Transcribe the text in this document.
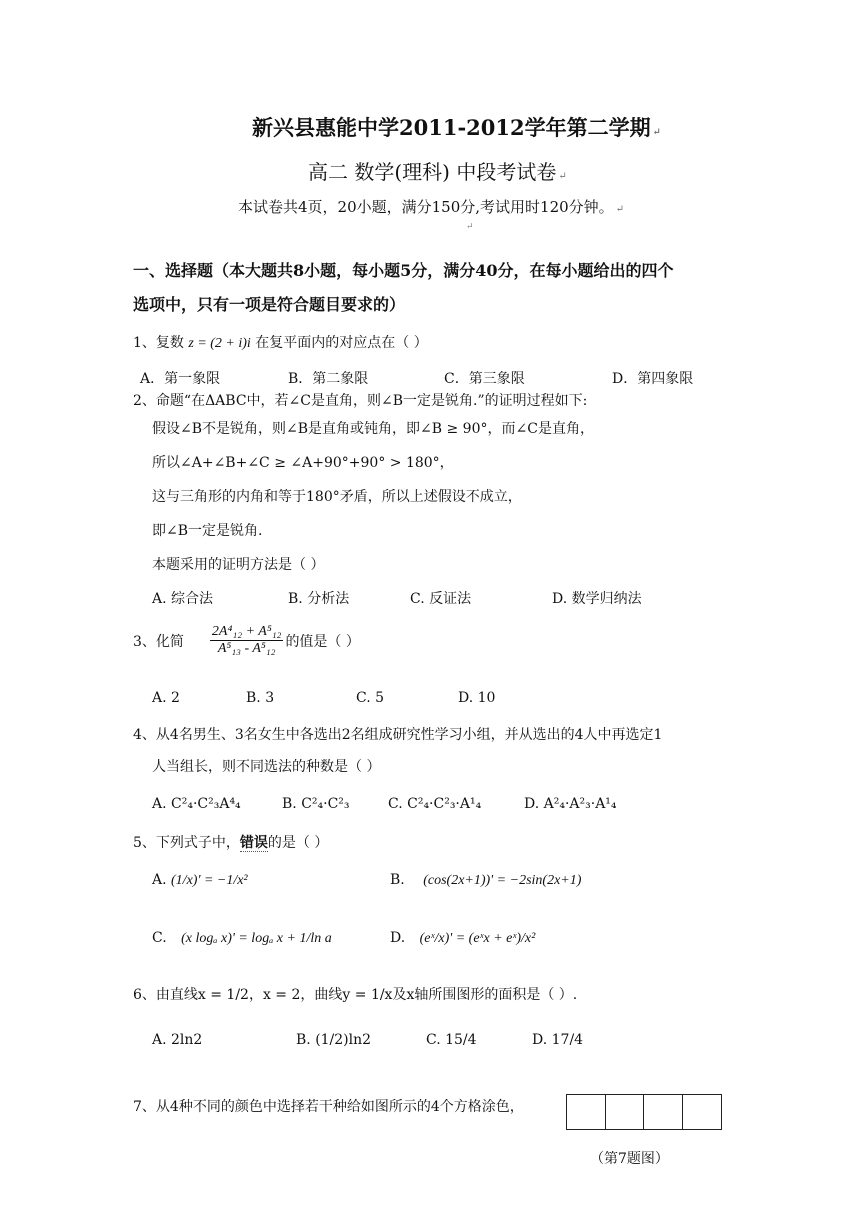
新兴县惠能中学2011-2012学年第二学期 ↵
高二 数学(理科) 中段考试卷 ↵
本试卷共4页，20小题，满分150分,考试用时120分钟。 ↵
↵
一、选择题（本大题共8小题，每小题5分，满分40分，在每小题给出的四个
选项中，只有一项是符合题目要求的）
1、复数 z = (2 + i)i 在复平面内的对应点在（ ）
A．第一象限	B．第二象限	C．第三象限	D．第四象限
2、命题“在ΔABC中，若∠C是直角，则∠B一定是锐角.”的证明过程如下:
假设∠B不是锐角，则∠B是直角或钝角，即∠B ≥ 90°，而∠C是直角，
所以∠A+∠B+∠C ≥ ∠A+90°+90° > 180°，
这与三角形的内角和等于180°矛盾，所以上述假设不成立，
即∠B一定是锐角.
本题采用的证明方法是（ ）
A. 综合法	B. 分析法	C. 反证法	D. 数学归纳法
3、化简 $\frac{\text{2A⁴₁₂ + A⁵₁₂}}{\text{A⁵₁₃ - A⁵₁₂}}$ 的值是（ ）
A. 2	B. 3	C. 5	D. 10
4、从4名男生、3名女生中各选出2名组成研究性学习小组，并从选出的4人中再选定1
人当组长，则不同选法的种数是（ ）
A. C²₄·C²₃A⁴₄	B. C²₄·C²₃	C. C²₄·C²₃·A¹₄	D. A²₄·A²₃·A¹₄
5、下列式子中，错误的是（ ）
A. (1/x)' = −1/x²	B. (cos(2x+1))' = −2sin(2x+1)
C. (x logₐ x)' = logₐ x + 1/ln a	D. (eˣ/x)' = (eˣx + eˣ)/x²
6、由直线x = 1/2，x = 2，曲线y = 1/x及x轴所围图形的面积是（ ）.
A. 2ln2	B. (1/2)ln2	C. 15/4	D. 17/4
7、从4种不同的颜色中选择若干种给如图所示的4个方格涂色，
（第7题图）
